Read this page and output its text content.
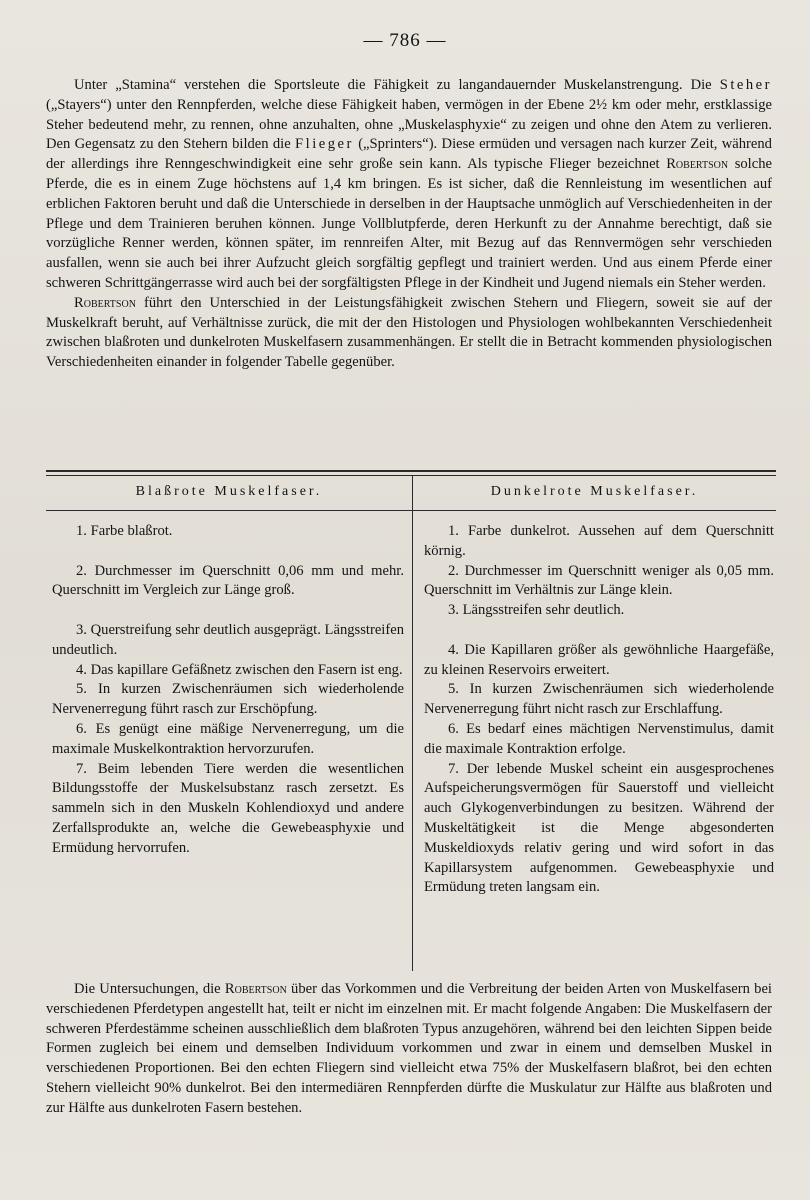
— 786 —

Unter „Stamina“ verstehen die Sportsleute die Fähigkeit zu langandauernder Muskelanstrengung. Die Steher („Stayers“) unter den Rennpferden, welche diese Fähigkeit haben, vermögen in der Ebene 2½ km oder mehr, erstklassige Steher bedeutend mehr, zu rennen, ohne anzuhalten, ohne „Muskelasphyxie“ zu zeigen und ohne den Atem zu verlieren. Den Gegensatz zu den Stehern bilden die Flieger („Sprinters“). Diese ermüden und versagen nach kurzer Zeit, während der allerdings ihre Renngeschwindigkeit eine sehr große sein kann. Als typische Flieger bezeichnet Robertson solche Pferde, die es in einem Zuge höchstens auf 1,4 km bringen. Es ist sicher, daß die Rennleistung im wesentlichen auf erblichen Faktoren beruht und daß die Unterschiede in derselben in der Hauptsache unmöglich auf Verschiedenheiten in der Pflege und dem Trainieren beruhen können. Junge Vollblutpferde, deren Herkunft zu der Annahme berechtigt, daß sie vorzügliche Renner werden, können später, im rennreifen Alter, mit Bezug auf das Rennvermögen sehr verschieden ausfallen, wenn sie auch bei ihrer Aufzucht gleich sorgfältig gepflegt und trainiert werden. Und aus einem Pferde einer schweren Schrittgängerrasse wird auch bei der sorgfältigsten Pflege in der Kindheit und Jugend niemals ein Steher werden.

Robertson führt den Unterschied in der Leistungsfähigkeit zwischen Stehern und Fliegern, soweit sie auf der Muskelkraft beruht, auf Verhältnisse zurück, die mit der den Histologen und Physiologen wohlbekannten Verschiedenheit zwischen blaßroten und dunkelroten Muskelfasern zusammenhängen. Er stellt die in Betracht kommenden physiologischen Verschiedenheiten einander in folgender Tabelle gegenüber.

Blaßrote Muskelfaser.	Dunkelrote Muskelfaser.

1. Farbe blaßrot.

2. Durchmesser im Querschnitt 0,06 mm und mehr. Querschnitt im Vergleich zur Länge groß.

3. Querstreifung sehr deutlich ausgeprägt. Längsstreifen undeutlich.

4. Das kapillare Gefäßnetz zwischen den Fasern ist eng.

5. In kurzen Zwischenräumen sich wiederholende Nervenerregung führt rasch zur Erschöpfung.

6. Es genügt eine mäßige Nervenerregung, um die maximale Muskelkontraktion hervorzurufen.

7. Beim lebenden Tiere werden die wesentlichen Bildungsstoffe der Muskelsubstanz rasch zersetzt. Es sammeln sich in den Muskeln Kohlendioxyd und andere Zerfallsprodukte an, welche die Gewebeasphyxie und Ermüdung hervorrufen.

1. Farbe dunkelrot. Aussehen auf dem Querschnitt körnig.

2. Durchmesser im Querschnitt weniger als 0,05 mm. Querschnitt im Verhältnis zur Länge klein.

3. Längsstreifen sehr deutlich.

4. Die Kapillaren größer als gewöhnliche Haargefäße, zu kleinen Reservoirs erweitert.

5. In kurzen Zwischenräumen sich wiederholende Nervenerregung führt nicht rasch zur Erschlaffung.

6. Es bedarf eines mächtigen Nervenstimulus, damit die maximale Kontraktion erfolge.

7. Der lebende Muskel scheint ein ausgesprochenes Aufspeicherungsvermögen für Sauerstoff und vielleicht auch Glykogenverbindungen zu besitzen. Während der Muskeltätigkeit ist die Menge abgesonderten Muskeldioxyds relativ gering und wird sofort in das Kapillarsystem aufgenommen. Gewebeasphyxie und Ermüdung treten langsam ein.

Die Untersuchungen, die Robertson über das Vorkommen und die Verbreitung der beiden Arten von Muskelfasern bei verschiedenen Pferdetypen angestellt hat, teilt er nicht im einzelnen mit. Er macht folgende Angaben: Die Muskelfasern der schweren Pferdestämme scheinen ausschließlich dem blaßroten Typus anzugehören, während bei den leichten Sippen beide Formen zugleich bei einem und demselben Individuum vorkommen und zwar in einem und demselben Muskel in verschiedenen Proportionen. Bei den echten Fliegern sind vielleicht etwa 75% der Muskelfasern blaßrot, bei den echten Stehern vielleicht 90% dunkelrot. Bei den intermediären Rennpferden dürfte die Muskulatur zur Hälfte aus blaßroten und zur Hälfte aus dunkelroten Fasern bestehen.
